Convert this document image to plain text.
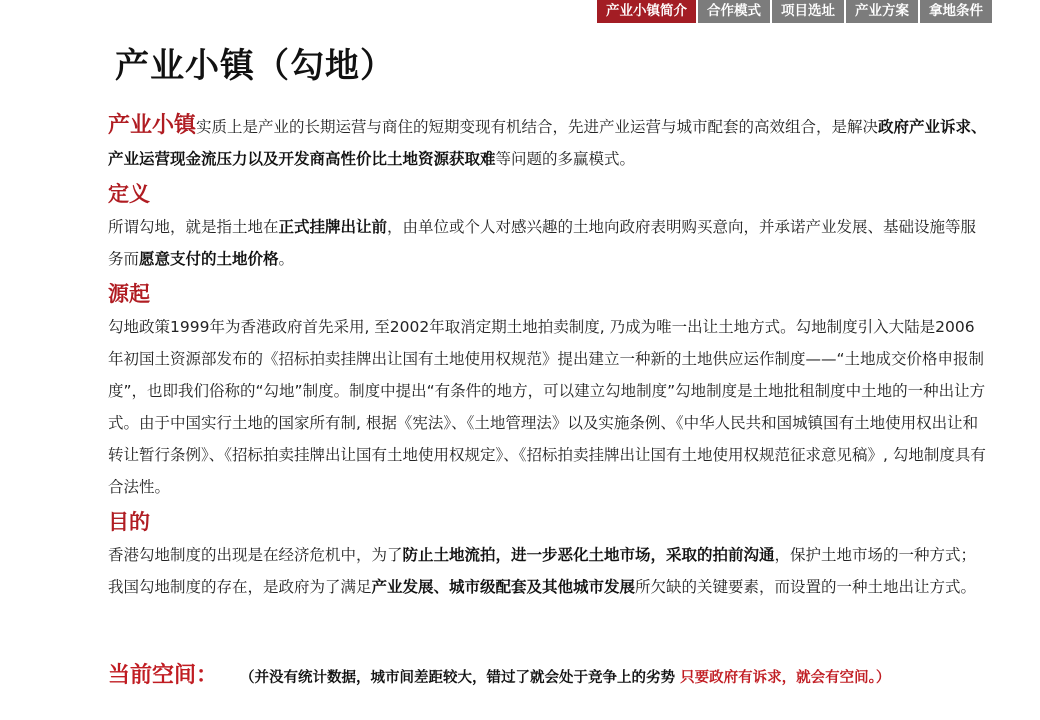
产业小镇简介	合作模式	项目选址	产业方案	拿地条件
产业小镇（勾地）

产业小镇实质上是产业的长期运营与商住的短期变现有机结合，先进产业运营与城市配套的高效组合，是解决政府产业诉求、产业运营现金流压力以及开发商高性价比土地资源获取难等问题的多赢模式。

定义

所谓勾地，就是指土地在正式挂牌出让前，由单位或个人对感兴趣的土地向政府表明购买意向，并承诺产业发展、基础设施等服务而愿意支付的土地价格。

源起

勾地政策1999年为香港政府首先采用, 至2002年取消定期土地拍卖制度, 乃成为唯一出让土地方式。勾地制度引入大陆是2006年初国土资源部发布的《招标拍卖挂牌出让国有土地使用权规范》提出建立一种新的土地供应运作制度——“土地成交价格申报制度”，也即我们俗称的“勾地”制度。制度中提出“有条件的地方，可以建立勾地制度”勾地制度是土地批租制度中土地的一种出让方式。由于中国实行土地的国家所有制, 根据《宪法》、《土地管理法》以及实施条例、《中华人民共和国城镇国有土地使用权出让和转让暂行条例》、《招标拍卖挂牌出让国有土地使用权规定》、《招标拍卖挂牌出让国有土地使用权规范征求意见稿》, 勾地制度具有合法性。

目的

香港勾地制度的出现是在经济危机中，为了防止土地流拍，进一步恶化土地市场，采取的拍前沟通，保护土地市场的一种方式；我国勾地制度的存在，是政府为了满足产业发展、城市级配套及其他城市发展所欠缺的关键要素，而设置的一种土地出让方式。

当前空间： （并没有统计数据，城市间差距较大，错过了就会处于竞争上的劣势 只要政府有诉求，就会有空间。）
